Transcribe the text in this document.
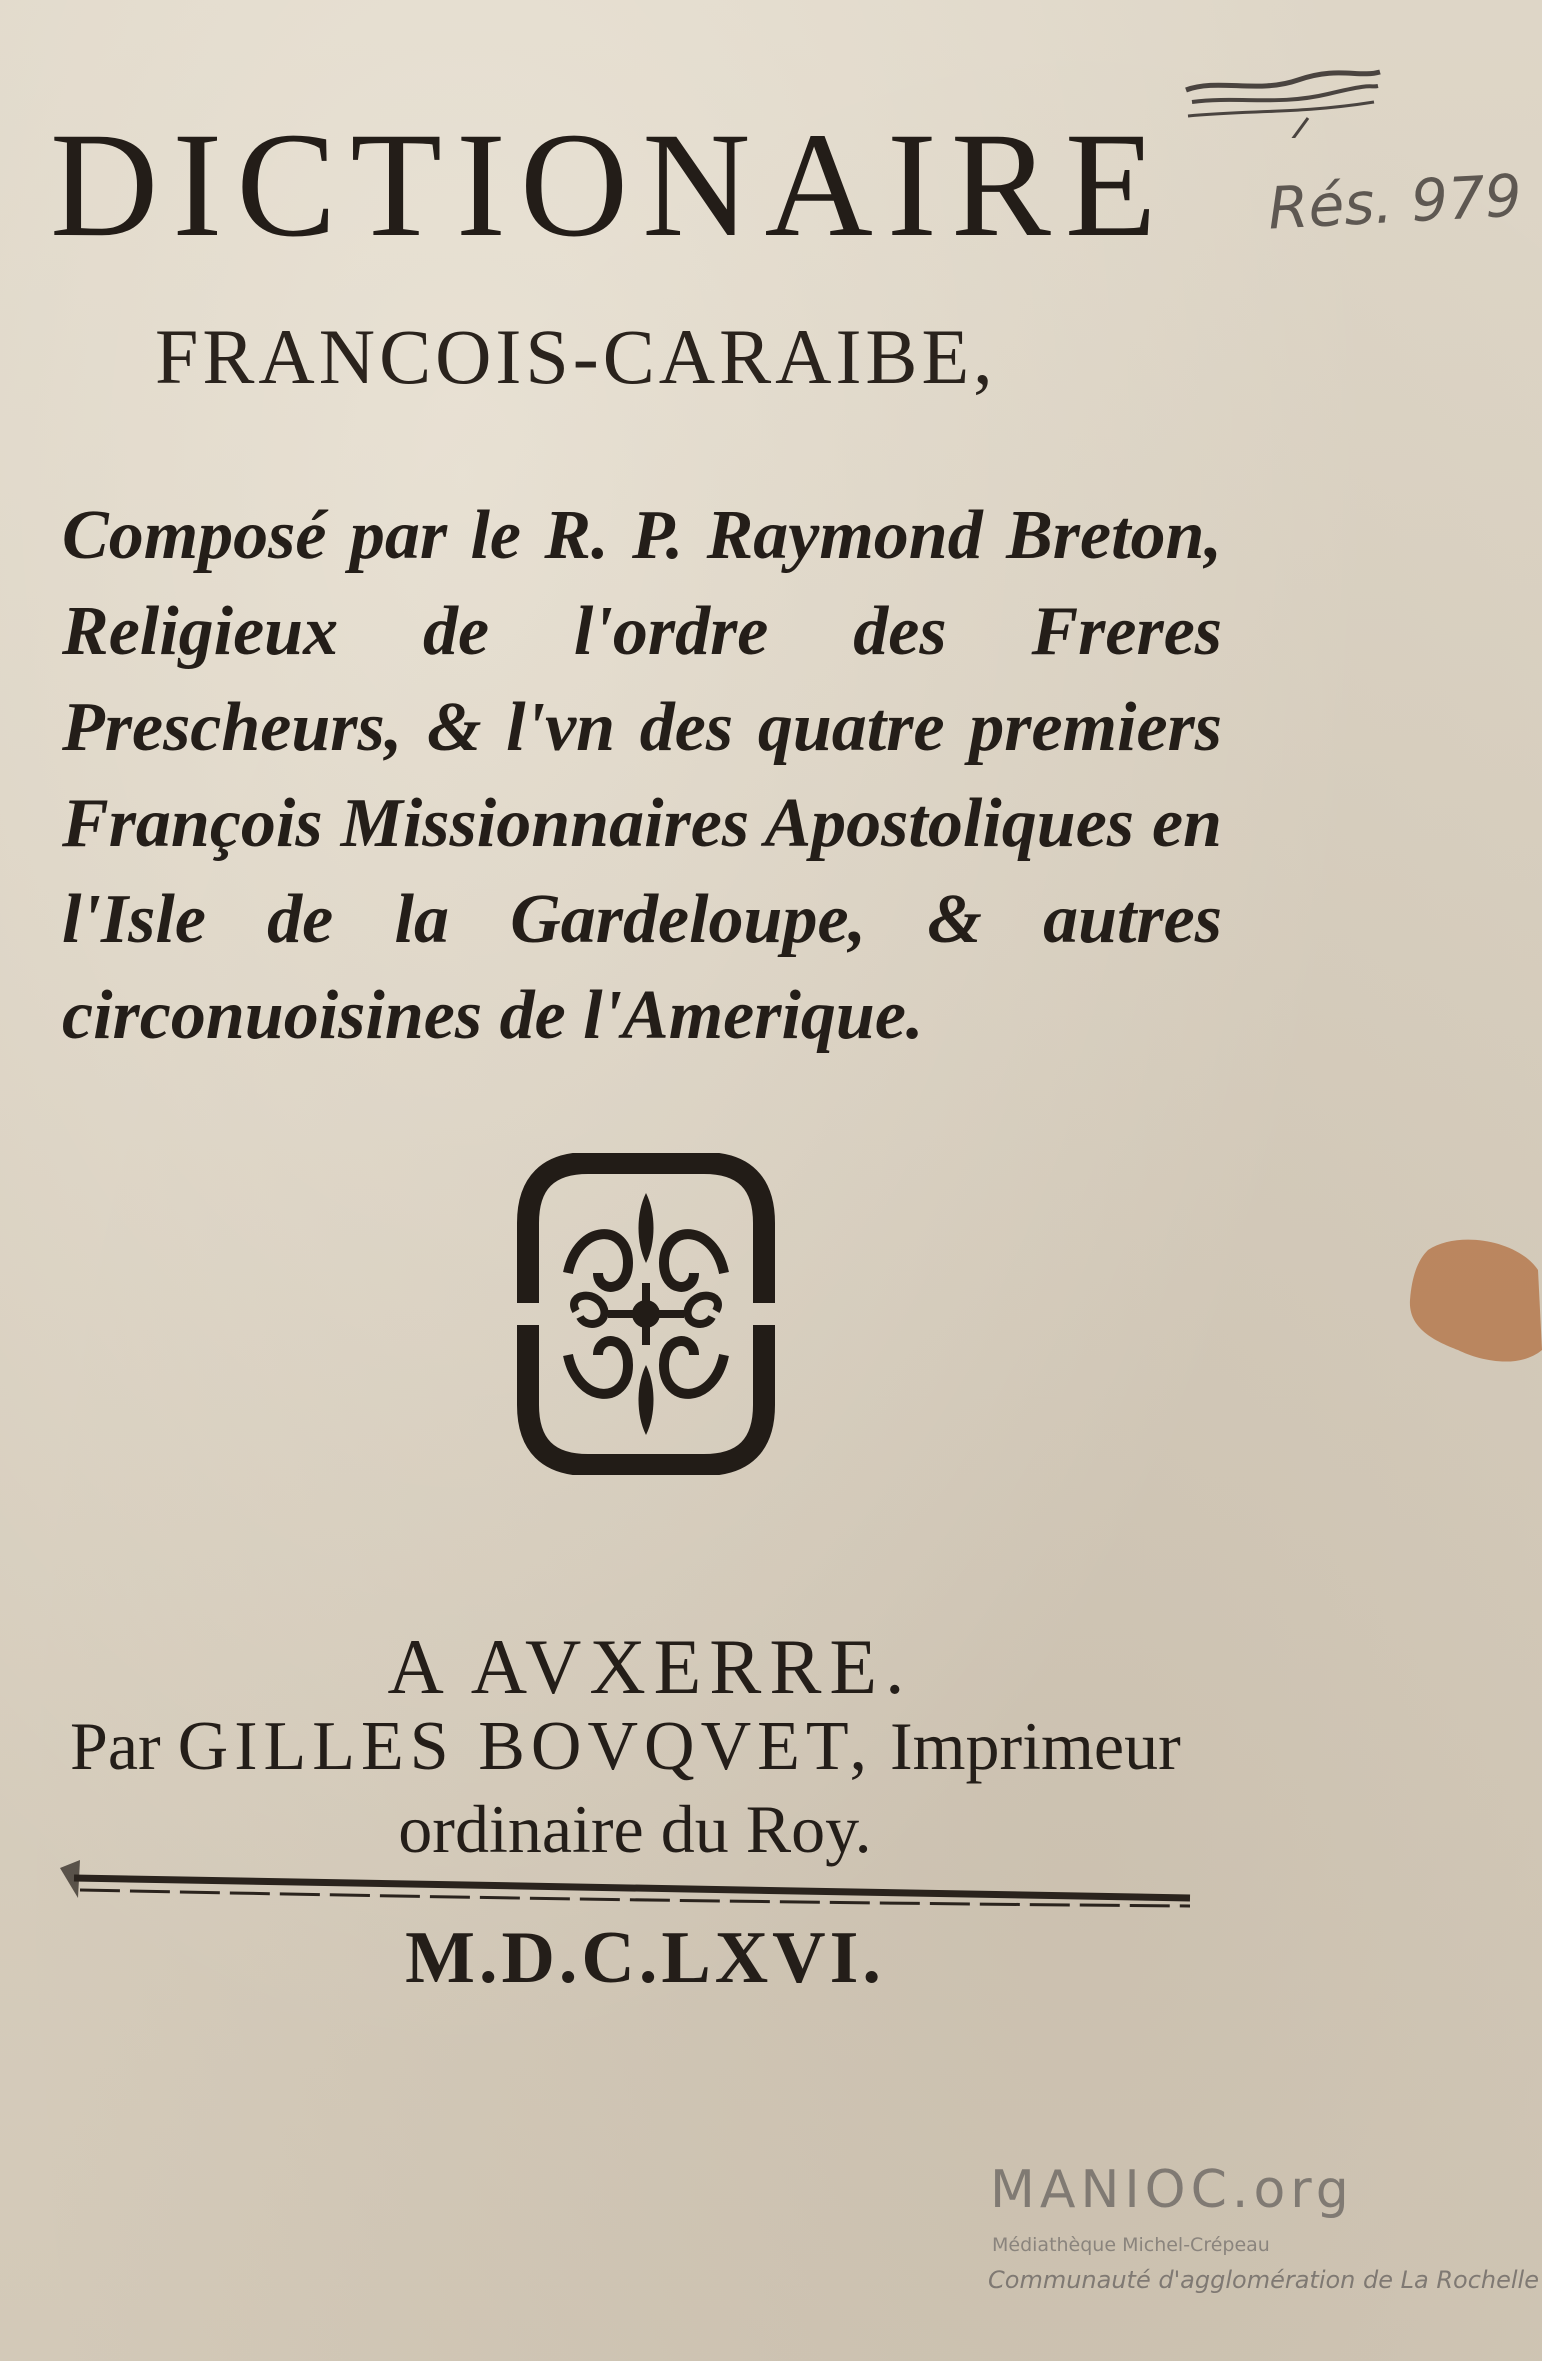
Rés. 979
DICTIONAIRE
FRANCOIS-CARAIBE,
Composé par le R. P. Raymond Breton, Religieux de l'ordre des Freres Prescheurs, & l'vn des quatre premiers François Missionnaires Apostoliques en l'Isle de la Gardeloupe, & autres circonuoisines de l'Amerique.
A AVXERRE.
Par GILLES BOVQVET, Imprimeur
ordinaire du Roy.
M.D.C.LXVI.
MANIOC.org
Médiathèque Michel-Crépeau
Communauté d'agglomération de La Rochelle
